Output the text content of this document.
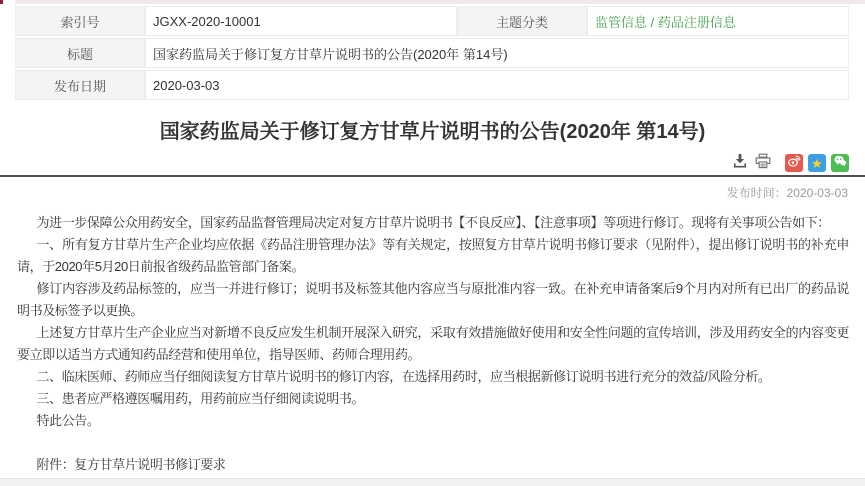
索引号	JGXX-2020-10001	主题分类	监管信息 / 药品注册信息
标题	国家药监局关于修订复方甘草片说明书的公告(2020年 第14号)		
发布日期	2020-03-03		
国家药监局关于修订复方甘草片说明书的公告(2020年 第14号)
★
发布时间：2020-03-03

为进一步保障公众用药安全，国家药品监督管理局决定对复方甘草片说明书【不良反应】、【注意事项】等项进行修订。现将有关事项公告如下：

一、所有复方甘草片生产企业均应依据《药品注册管理办法》等有关规定，按照复方甘草片说明书修订要求（见附件），提出修订说明书的补充申请，于2020年5月20日前报省级药品监管部门备案。

修订内容涉及药品标签的，应当一并进行修订；说明书及标签其他内容应当与原批准内容一致。在补充申请备案后9个月内对所有已出厂的药品说明书及标签予以更换。

上述复方甘草片生产企业应当对新增不良反应发生机制开展深入研究，采取有效措施做好使用和安全性问题的宣传培训，涉及用药安全的内容变更要立即以适当方式通知药品经营和使用单位，指导医师、药师合理用药。

二、临床医师、药师应当仔细阅读复方甘草片说明书的修订内容，在选择用药时，应当根据新修订说明书进行充分的效益/风险分析。

三、患者应严格遵医嘱用药，用药前应当仔细阅读说明书。

特此公告。

附件：复方甘草片说明书修订要求
